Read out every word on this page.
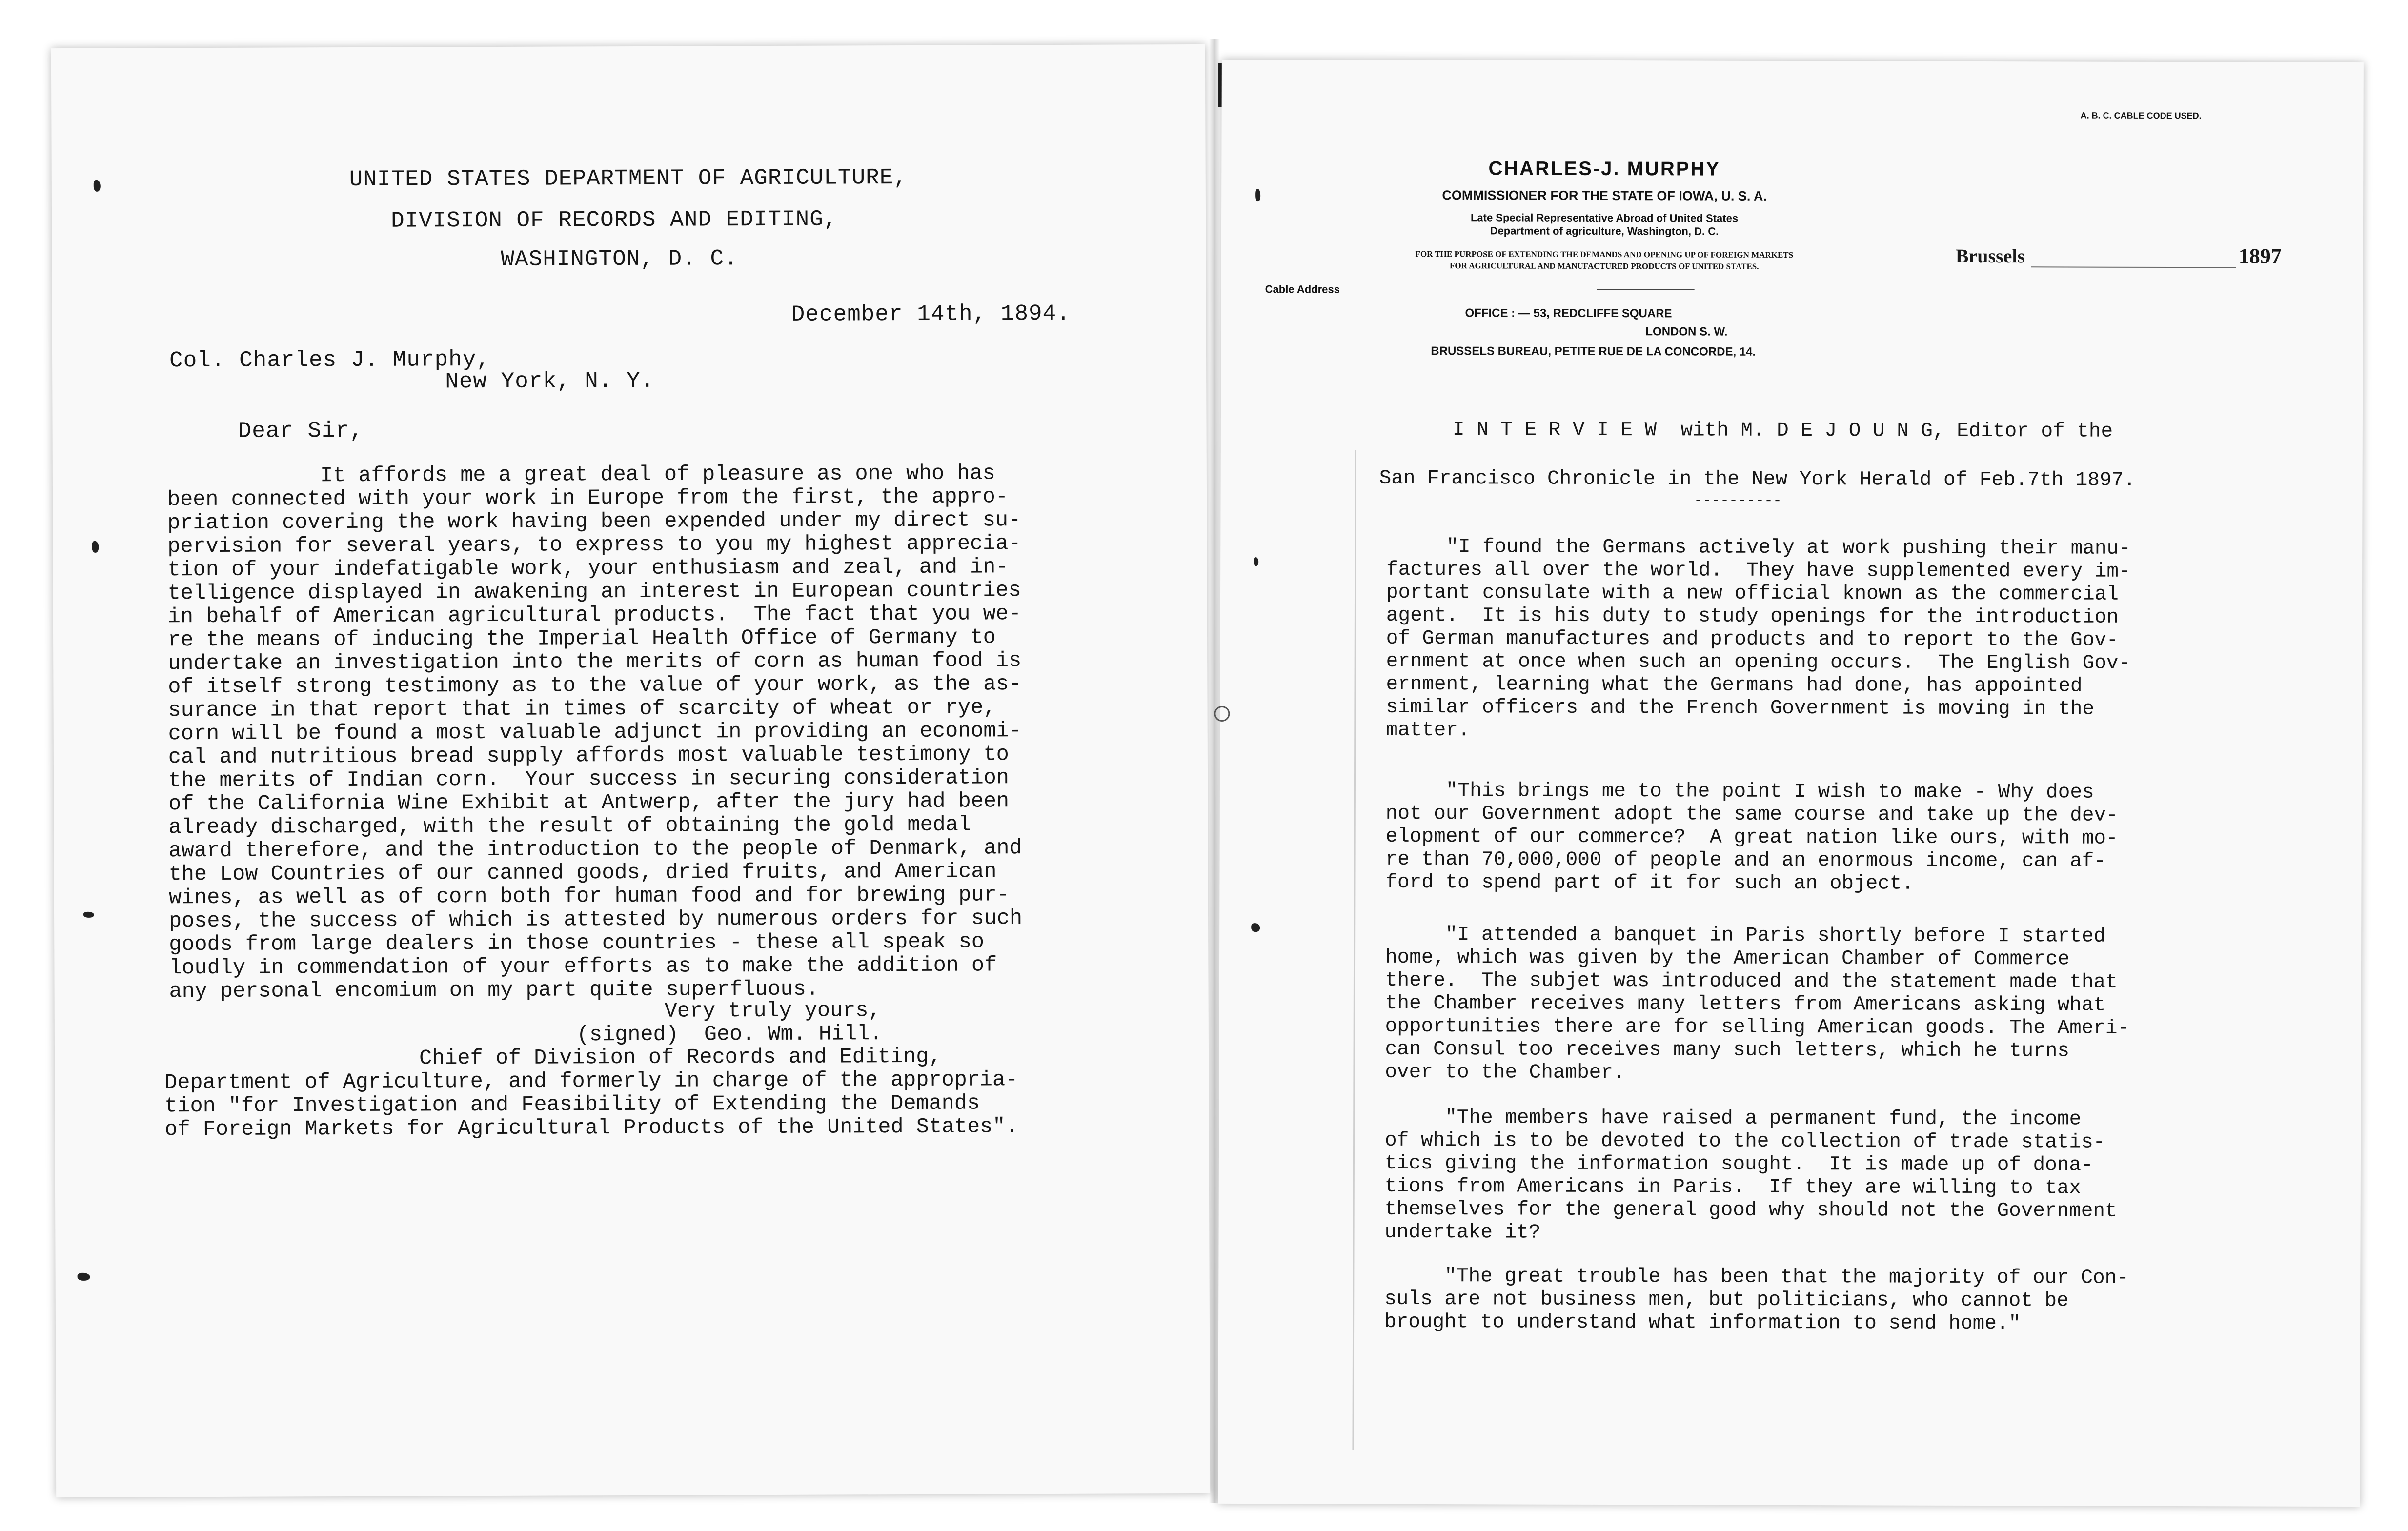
UNITED STATES DEPARTMENT OF AGRICULTURE,
DIVISION OF RECORDS AND EDITING,
WASHINGTON, D. C.
December 14th, 1894.
Col. Charles J. Murphy,
New York, N. Y.
Dear Sir,
It affords me a great deal of pleasure as one who has
been connected with your work in Europe from the first, the appro-
priation covering the work having been expended under my direct su-
pervision for several years, to express to you my highest apprecia-
tion of your indefatigable work, your enthusiasm and zeal, and in-
telligence displayed in awakening an interest in European countries
in behalf of American agricultural products.  The fact that you we-
re the means of inducing the Imperial Health Office of Germany to
undertake an investigation into the merits of corn as human food is
of itself strong testimony as to the value of your work, as the as-
surance in that report that in times of scarcity of wheat or rye,
corn will be found a most valuable adjunct in providing an economi-
cal and nutritious bread supply affords most valuable testimony to
the merits of Indian corn.  Your success in securing consideration
of the California Wine Exhibit at Antwerp, after the jury had been
already discharged, with the result of obtaining the gold medal
award therefore, and the introduction to the people of Denmark, and
the Low Countries of our canned goods, dried fruits, and American
wines, as well as of corn both for human food and for brewing pur-
poses, the success of which is attested by numerous orders for such
goods from large dealers in those countries - these all speak so
loudly in commendation of your efforts as to make the addition of
any personal encomium on my part quite superfluous.
Very truly yours,
(signed)  Geo. Wm. Hill.
Chief of Division of Records and Editing,
Department of Agriculture, and formerly in charge of the appropria-
tion "for Investigation and Feasibility of Extending the Demands
of Foreign Markets for Agricultural Products of the United States".
A. B. C. CABLE CODE USED.
CHARLES-J. MURPHY
COMMISSIONER FOR THE STATE OF IOWA, U. S. A.
Late Special Representative Abroad of United States
Department of agriculture, Washington, D. C.
FOR THE PURPOSE OF EXTENDING THE DEMANDS AND OPENING UP OF FOREIGN MARKETS
FOR AGRICULTURAL AND MANUFACTURED PRODUCTS OF UNITED STATES.
Cable Address
OFFICE : — 53, REDCLIFFE SQUARE
LONDON S. W.
BRUSSELS BUREAU, PETITE RUE DE LA CONCORDE, 14.
Brussels	1897
I N T E R V I E W  with M. D E J O U N G, Editor of the
San Francisco Chronicle in the New York Herald of Feb.7th 1897.
----------
"I found the Germans actively at work pushing their manu-
factures all over the world.  They have supplemented every im-
portant consulate with a new official known as the commercial
agent.  It is his duty to study openings for the introduction
of German manufactures and products and to report to the Gov-
ernment at once when such an opening occurs.  The English Gov-
ernment, learning what the Germans had done, has appointed
similar officers and the French Government is moving in the
matter.
"This brings me to the point I wish to make - Why does
not our Government adopt the same course and take up the dev-
elopment of our commerce?  A great nation like ours, with mo-
re than 70,000,000 of people and an enormous income, can af-
ford to spend part of it for such an object.
"I attended a banquet in Paris shortly before I started
home, which was given by the American Chamber of Commerce
there.  The subjet was introduced and the statement made that
the Chamber receives many letters from Americans asking what
opportunities there are for selling American goods. The Ameri-
can Consul too receives many such letters, which he turns
over to the Chamber.
"The members have raised a permanent fund, the income
of which is to be devoted to the collection of trade statis-
tics giving the information sought.  It is made up of dona-
tions from Americans in Paris.  If they are willing to tax
themselves for the general good why should not the Government
undertake it?
"The great trouble has been that the majority of our Con-
suls are not business men, but politicians, who cannot be
brought to understand what information to send home."
